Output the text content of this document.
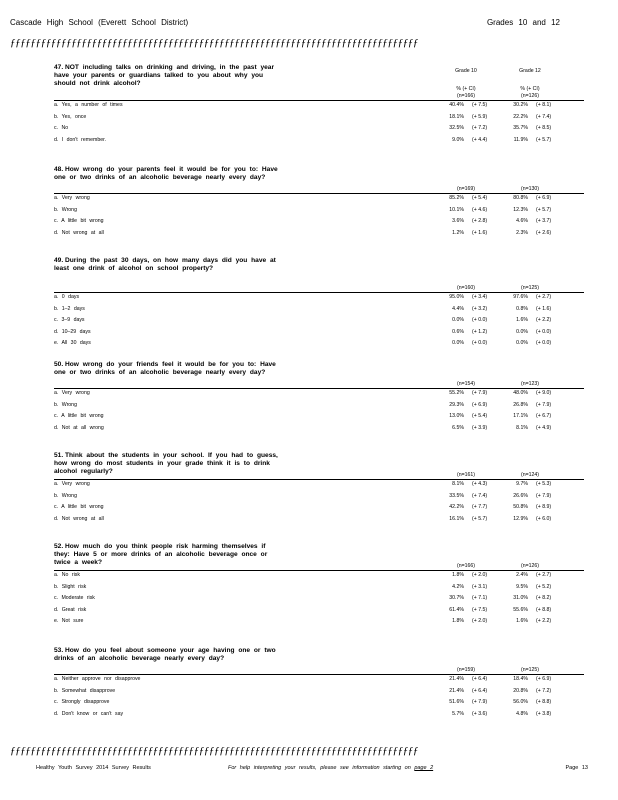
Cascade High School (Everett School District)	Grades 10 and 12
ƒƒƒƒƒƒƒƒƒƒƒƒƒƒƒƒƒƒƒƒƒƒƒƒƒƒƒƒƒƒƒƒƒƒƒƒƒƒƒƒƒƒƒƒƒƒƒƒƒƒƒƒƒƒƒƒƒƒƒƒƒƒƒƒƒƒƒƒƒƒƒƒƒƒƒƒƒƒƒƒ
47. NOT including talks on drinking and driving, in the past year have your parents or guardians talked to you about why you should not drink alcohol?
Grade 10	Grade 12
% (+ CI)	% (+ CI)
(n=166)	(n=126)
a. Yes, a number of times	40.4% (+ 7.5)	30.2% (+ 8.1)
b. Yes, once	18.1% (+ 5.9)	22.2% (+ 7.4)
c. No	32.5% (+ 7.2)	35.7% (+ 8.5)
d. I don't remember.	9.0% (+ 4.4)	11.9% (+ 5.7)
48. How wrong do your parents feel it would be for you to: Have one or two drinks of an alcoholic beverage nearly every day?
(n=169)	(n=130)
a. Very wrong	85.2% (+ 5.4)	80.8% (+ 6.9)
b. Wrong	10.1% (+ 4.6)	12.3% (+ 5.7)
c. A little bit wrong	3.6% (+ 2.8)	4.6% (+ 3.7)
d. Not wrong at all	1.2% (+ 1.6)	2.3% (+ 2.6)
49. During the past 30 days, on how many days did you have at least one drink of alcohol on school property?
(n=160)	(n=125)
a. 0 days	95.0% (+ 3.4)	97.6% (+ 2.7)
b. 1–2 days	4.4% (+ 3.2)	0.8% (+ 1.6)
c. 3–9 days	0.0% (+ 0.0)	1.6% (+ 2.2)
d. 10–29 days	0.6% (+ 1.2)	0.0% (+ 0.0)
e. All 30 days	0.0% (+ 0.0)	0.0% (+ 0.0)
50. How wrong do your friends feel it would be for you to: Have one or two drinks of an alcoholic beverage nearly every day?
(n=154)	(n=123)
a. Very wrong	55.2% (+ 7.9)	48.0% (+ 9.0)
b. Wrong	29.3% (+ 6.9)	26.8% (+ 7.9)
c. A little bit wrong	13.0% (+ 5.4)	17.1% (+ 6.7)
d. Not at all wrong	6.5% (+ 3.9)	8.1% (+ 4.9)
51. Think about the students in your school. If you had to guess, how wrong do most students in your grade think it is to drink alcohol regularly?
(n=161)	(n=124)
a. Very wrong	8.1% (+ 4.3)	9.7% (+ 5.3)
b. Wrong	33.5% (+ 7.4)	26.6% (+ 7.9)
c. A little bit wrong	42.2% (+ 7.7)	50.8% (+ 8.9)
d. Not wrong at all	16.1% (+ 5.7)	12.9% (+ 6.0)
52. How much do you think people risk harming themselves if they: Have 5 or more drinks of an alcoholic beverage once or twice a week?
(n=166)	(n=126)
a. No risk	1.8% (+ 2.0)	2.4% (+ 2.7)
b. Slight risk	4.2% (+ 3.1)	9.5% (+ 5.2)
c. Moderate risk	30.7% (+ 7.1)	31.0% (+ 8.2)
d. Great risk	61.4% (+ 7.5)	55.6% (+ 8.8)
e. Not sure	1.8% (+ 2.0)	1.6% (+ 2.2)
53. How do you feel about someone your age having one or two drinks of an alcoholic beverage nearly every day?
(n=159)	(n=125)
a. Neither approve nor disapprove	21.4% (+ 6.4)	18.4% (+ 6.9)
b. Somewhat disapprove	21.4% (+ 6.4)	20.8% (+ 7.2)
c. Strongly disapprove	51.6% (+ 7.9)	56.0% (+ 8.8)
d. Don't know or can't say	5.7% (+ 3.6)	4.8% (+ 3.8)
ƒƒƒƒƒƒƒƒƒƒƒƒƒƒƒƒƒƒƒƒƒƒƒƒƒƒƒƒƒƒƒƒƒƒƒƒƒƒƒƒƒƒƒƒƒƒƒƒƒƒƒƒƒƒƒƒƒƒƒƒƒƒƒƒƒƒƒƒƒƒƒƒƒƒƒƒƒƒƒƒ
Healthy Youth Survey 2014 Survey Results	For help interpreting your results, please see information starting on page 2	Page 13
